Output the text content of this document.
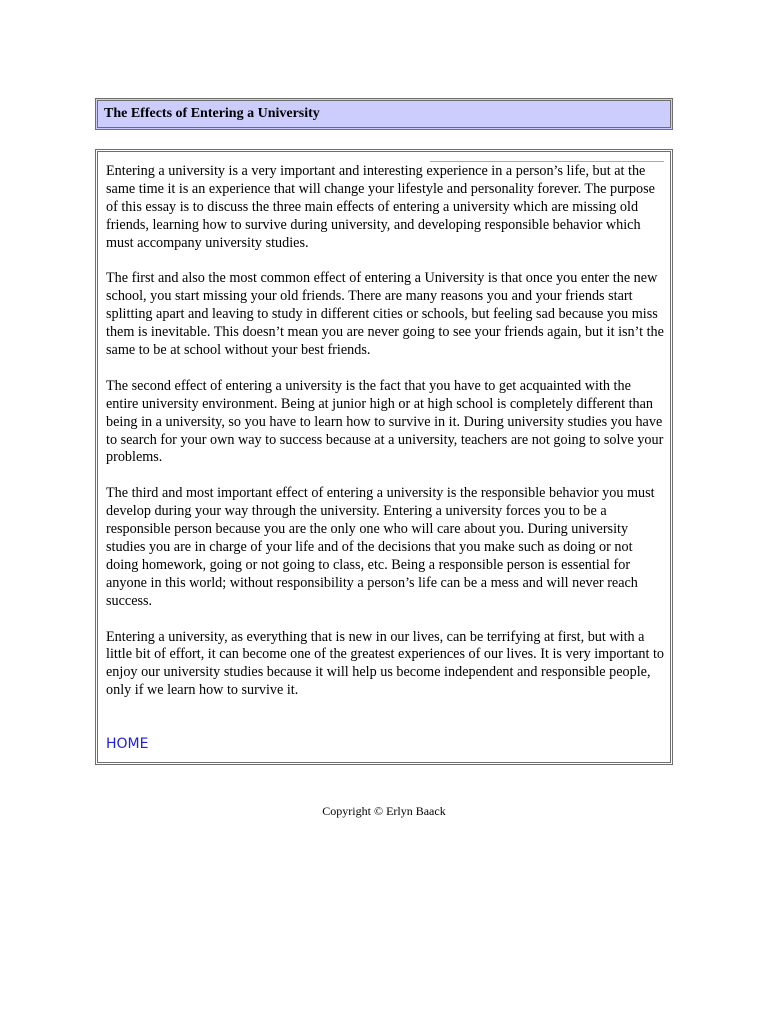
The Effects of Entering a University

Entering a university is a very important and interesting experience in a person’s life, but at the same time it is an experience that will change your lifestyle and personality forever. The purpose of this essay is to discuss the three main effects of entering a university which are missing old friends, learning how to survive during university, and developing responsible behavior which must accompany university studies.

The first and also the most common effect of entering a University is that once you enter the new school, you start missing your old friends. There are many reasons you and your friends start splitting apart and leaving to study in different cities or schools, but feeling sad because you miss them is inevitable. This doesn’t mean you are never going to see your friends again, but it isn’t the same to be at school without your best friends.

The second effect of entering a university is the fact that you have to get acquainted with the entire university environment. Being at junior high or at high school is completely different than being in a university, so you have to learn how to survive in it. During university studies you have to search for your own way to success because at a university, teachers are not going to solve your problems.

The third and most important effect of entering a university is the responsible behavior you must develop during your way through the university. Entering a university forces you to be a responsible person because you are the only one who will care about you. During university studies you are in charge of your life and of the decisions that you make such as doing or not doing homework, going or not going to class, etc. Being a responsible person is essential for anyone in this world; without responsibility a person’s life can be a mess and will never reach success.

Entering a university, as everything that is new in our lives, can be terrifying at first, but with a little bit of effort, it can become one of the greatest experiences of our lives. It is very important to enjoy our university studies because it will help us become independent and responsible people, only if we learn how to survive it.

HOME
Copyright © Erlyn Baack
